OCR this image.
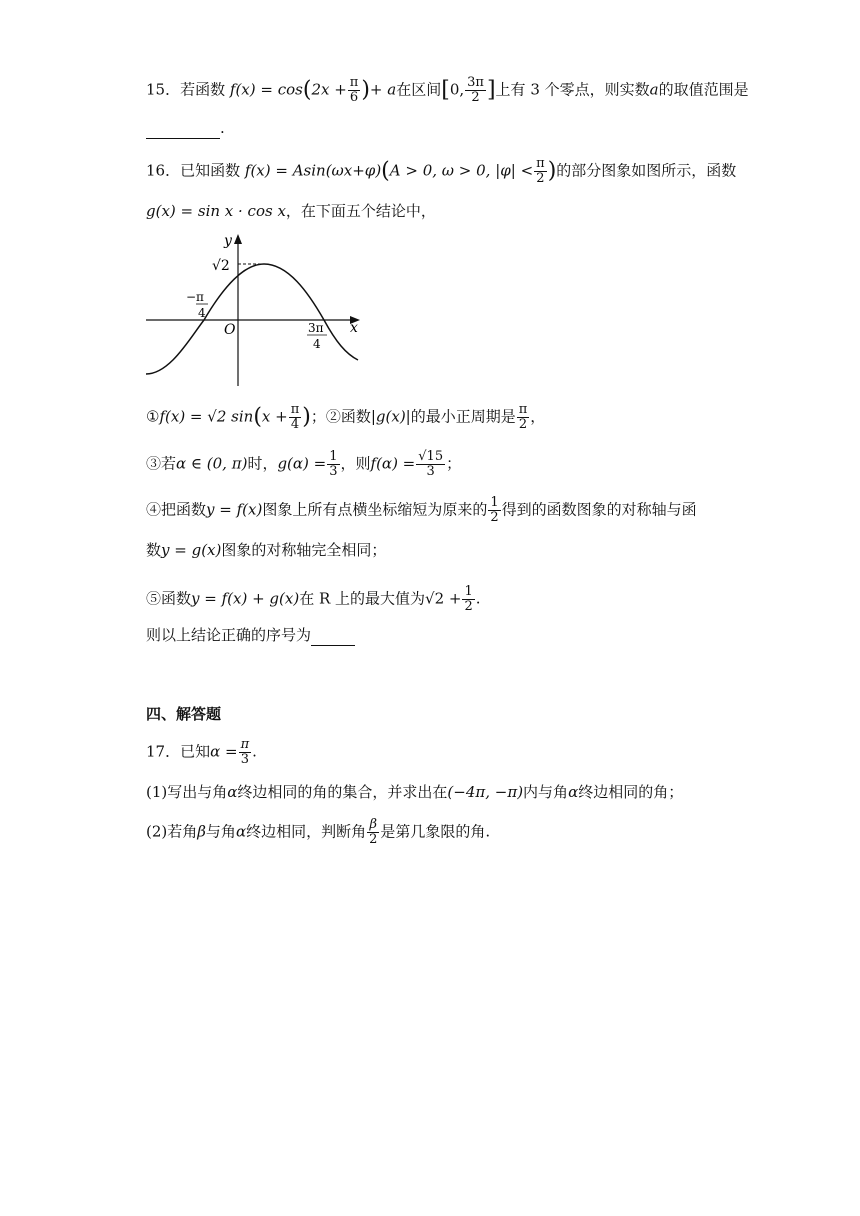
15．若函数 $f(x) = \cos(2x + \frac{\pi}{6}$ )+ a在区间[0, $\frac{3\pi}{2}$ ]上有 3 个零点，则实数a的取值范围是
.
16．已知函数 f(x) = Asin(ωx+φ)(A > 0, ω > 0, $|\varphi| < \frac{\pi}{2}$ )的部分图象如图所示，函数
g(x) = sin x · cos x，在下面五个结论中，
y
x
O
√2
−π
4
3π
4
①f(x) = √2 $\sin(x + \frac{\pi}{4}$ )；②函数|g(x)|的最小正周期是 $\frac{\pi}{2}$ ，
③若α ∈ (0, π)时，$g(\alpha) = \frac{1}{3}$ ，则$f(\alpha) = \frac{√15}{3}$ ；
④把函数y = f(x)图象上所有点横坐标缩短为原来的 $\frac{1}{2}$ 得到的函数图象的对称轴与函
数y = g(x)图象的对称轴完全相同；
⑤函数y = f(x) + g(x)在 R 上的最大值为$√2 + \frac{1}{2}$ .
则以上结论正确的序号为
四、解答题
17．已知$\alpha = \frac{\pi}{3}$ .
(1)写出与角α终边相同的角的集合，并求出在(−4π, −π)内与角α终边相同的角；
(2)若角β与角α终边相同，判断角 $\frac{\beta}{2}$ 是第几象限的角.
